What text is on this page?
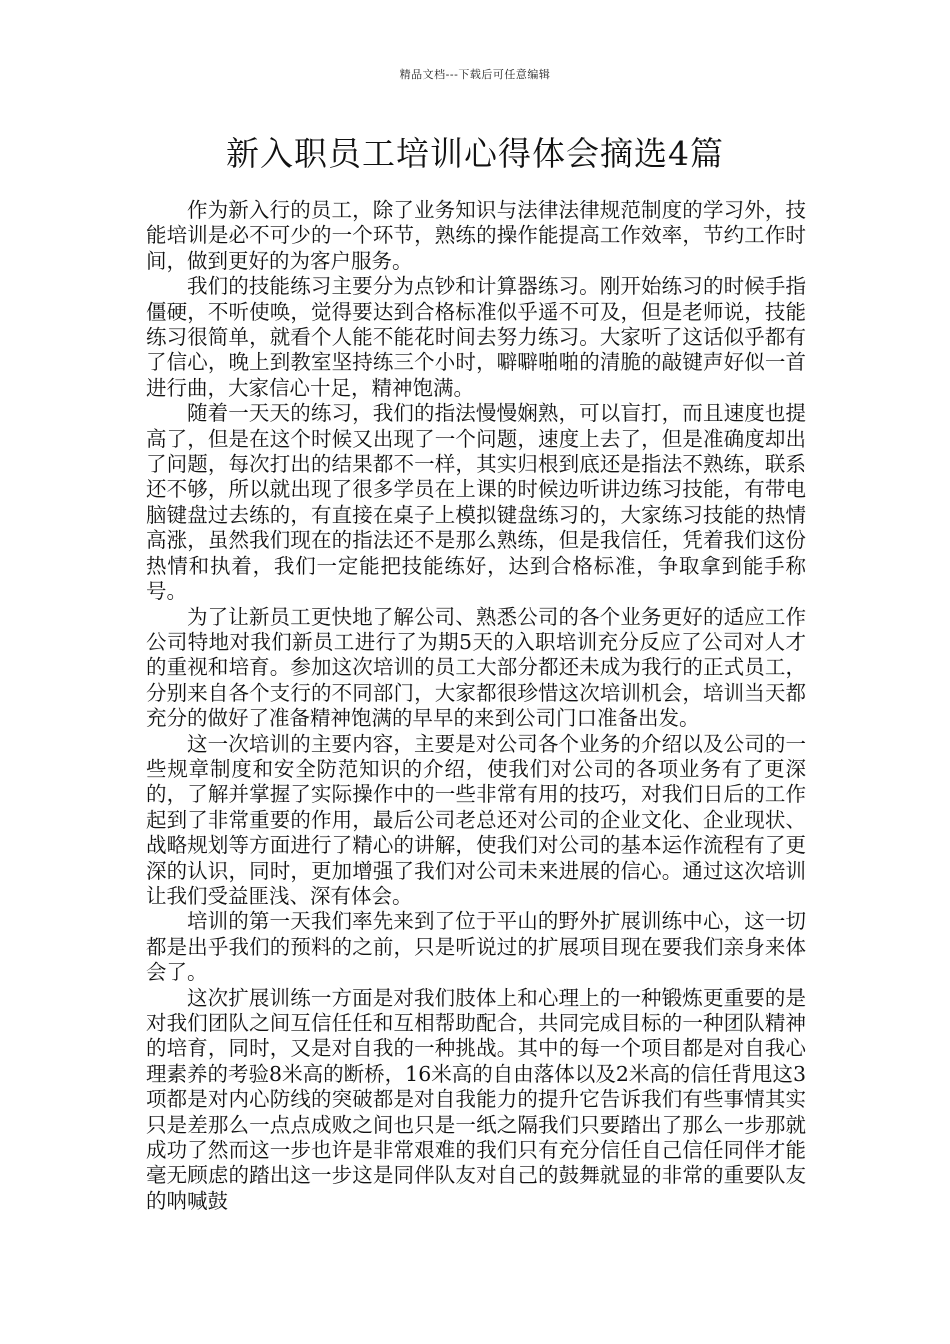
精品文档---下载后可任意编辑
新入职员工培训心得体会摘选4篇

作为新入行的员工，除了业务知识与法律法律规范制度的学习外，技能培训是必不可少的一个环节，熟练的操作能提高工作效率，节约工作时间，做到更好的为客户服务。

我们的技能练习主要分为点钞和计算器练习。刚开始练习的时候手指僵硬，不听使唤，觉得要达到合格标准似乎遥不可及，但是老师说，技能练习很简单，就看个人能不能花时间去努力练习。大家听了这话似乎都有了信心，晚上到教室坚持练三个小时，噼噼啪啪的清脆的敲键声好似一首进行曲，大家信心十足，精神饱满。

随着一天天的练习，我们的指法慢慢娴熟，可以盲打，而且速度也提高了，但是在这个时候又出现了一个问题，速度上去了，但是准确度却出了问题，每次打出的结果都不一样，其实归根到底还是指法不熟练，联系还不够，所以就出现了很多学员在上课的时候边听讲边练习技能，有带电脑键盘过去练的，有直接在桌子上模拟键盘练习的，大家练习技能的热情高涨，虽然我们现在的指法还不是那么熟练，但是我信任，凭着我们这份热情和执着，我们一定能把技能练好，达到合格标准，争取拿到能手称号。

为了让新员工更快地了解公司、熟悉公司的各个业务更好的适应工作公司特地对我们新员工进行了为期5天的入职培训充分反应了公司对人才的重视和培育。参加这次培训的员工大部分都还未成为我行的正式员工，分别来自各个支行的不同部门，大家都很珍惜这次培训机会，培训当天都充分的做好了准备精神饱满的早早的来到公司门口准备出发。

这一次培训的主要内容，主要是对公司各个业务的介绍以及公司的一些规章制度和安全防范知识的介绍，使我们对公司的各项业务有了更深的，了解并掌握了实际操作中的一些非常有用的技巧，对我们日后的工作起到了非常重要的作用，最后公司老总还对公司的企业文化、企业现状、战略规划等方面进行了精心的讲解，使我们对公司的基本运作流程有了更深的认识，同时，更加增强了我们对公司未来进展的信心。通过这次培训让我们受益匪浅、深有体会。

培训的第一天我们率先来到了位于平山的野外扩展训练中心，这一切都是出乎我们的预料的之前，只是听说过的扩展项目现在要我们亲身来体会了。

这次扩展训练一方面是对我们肢体上和心理上的一种锻炼更重要的是对我们团队之间互信任任和互相帮助配合，共同完成目标的一种团队精神的培育，同时，又是对自我的一种挑战。其中的每一个项目都是对自我心理素养的考验8米高的断桥，16米高的自由落体以及2米高的信任背甩这3项都是对内心防线的突破都是对自我能力的提升它告诉我们有些事情其实只是差那么一点点成败之间也只是一纸之隔我们只要踏出了那么一步那就成功了然而这一步也许是非常艰难的我们只有充分信任自己信任同伴才能毫无顾虑的踏出这一步这是同伴队友对自己的鼓舞就显的非常的重要队友的呐喊鼓
